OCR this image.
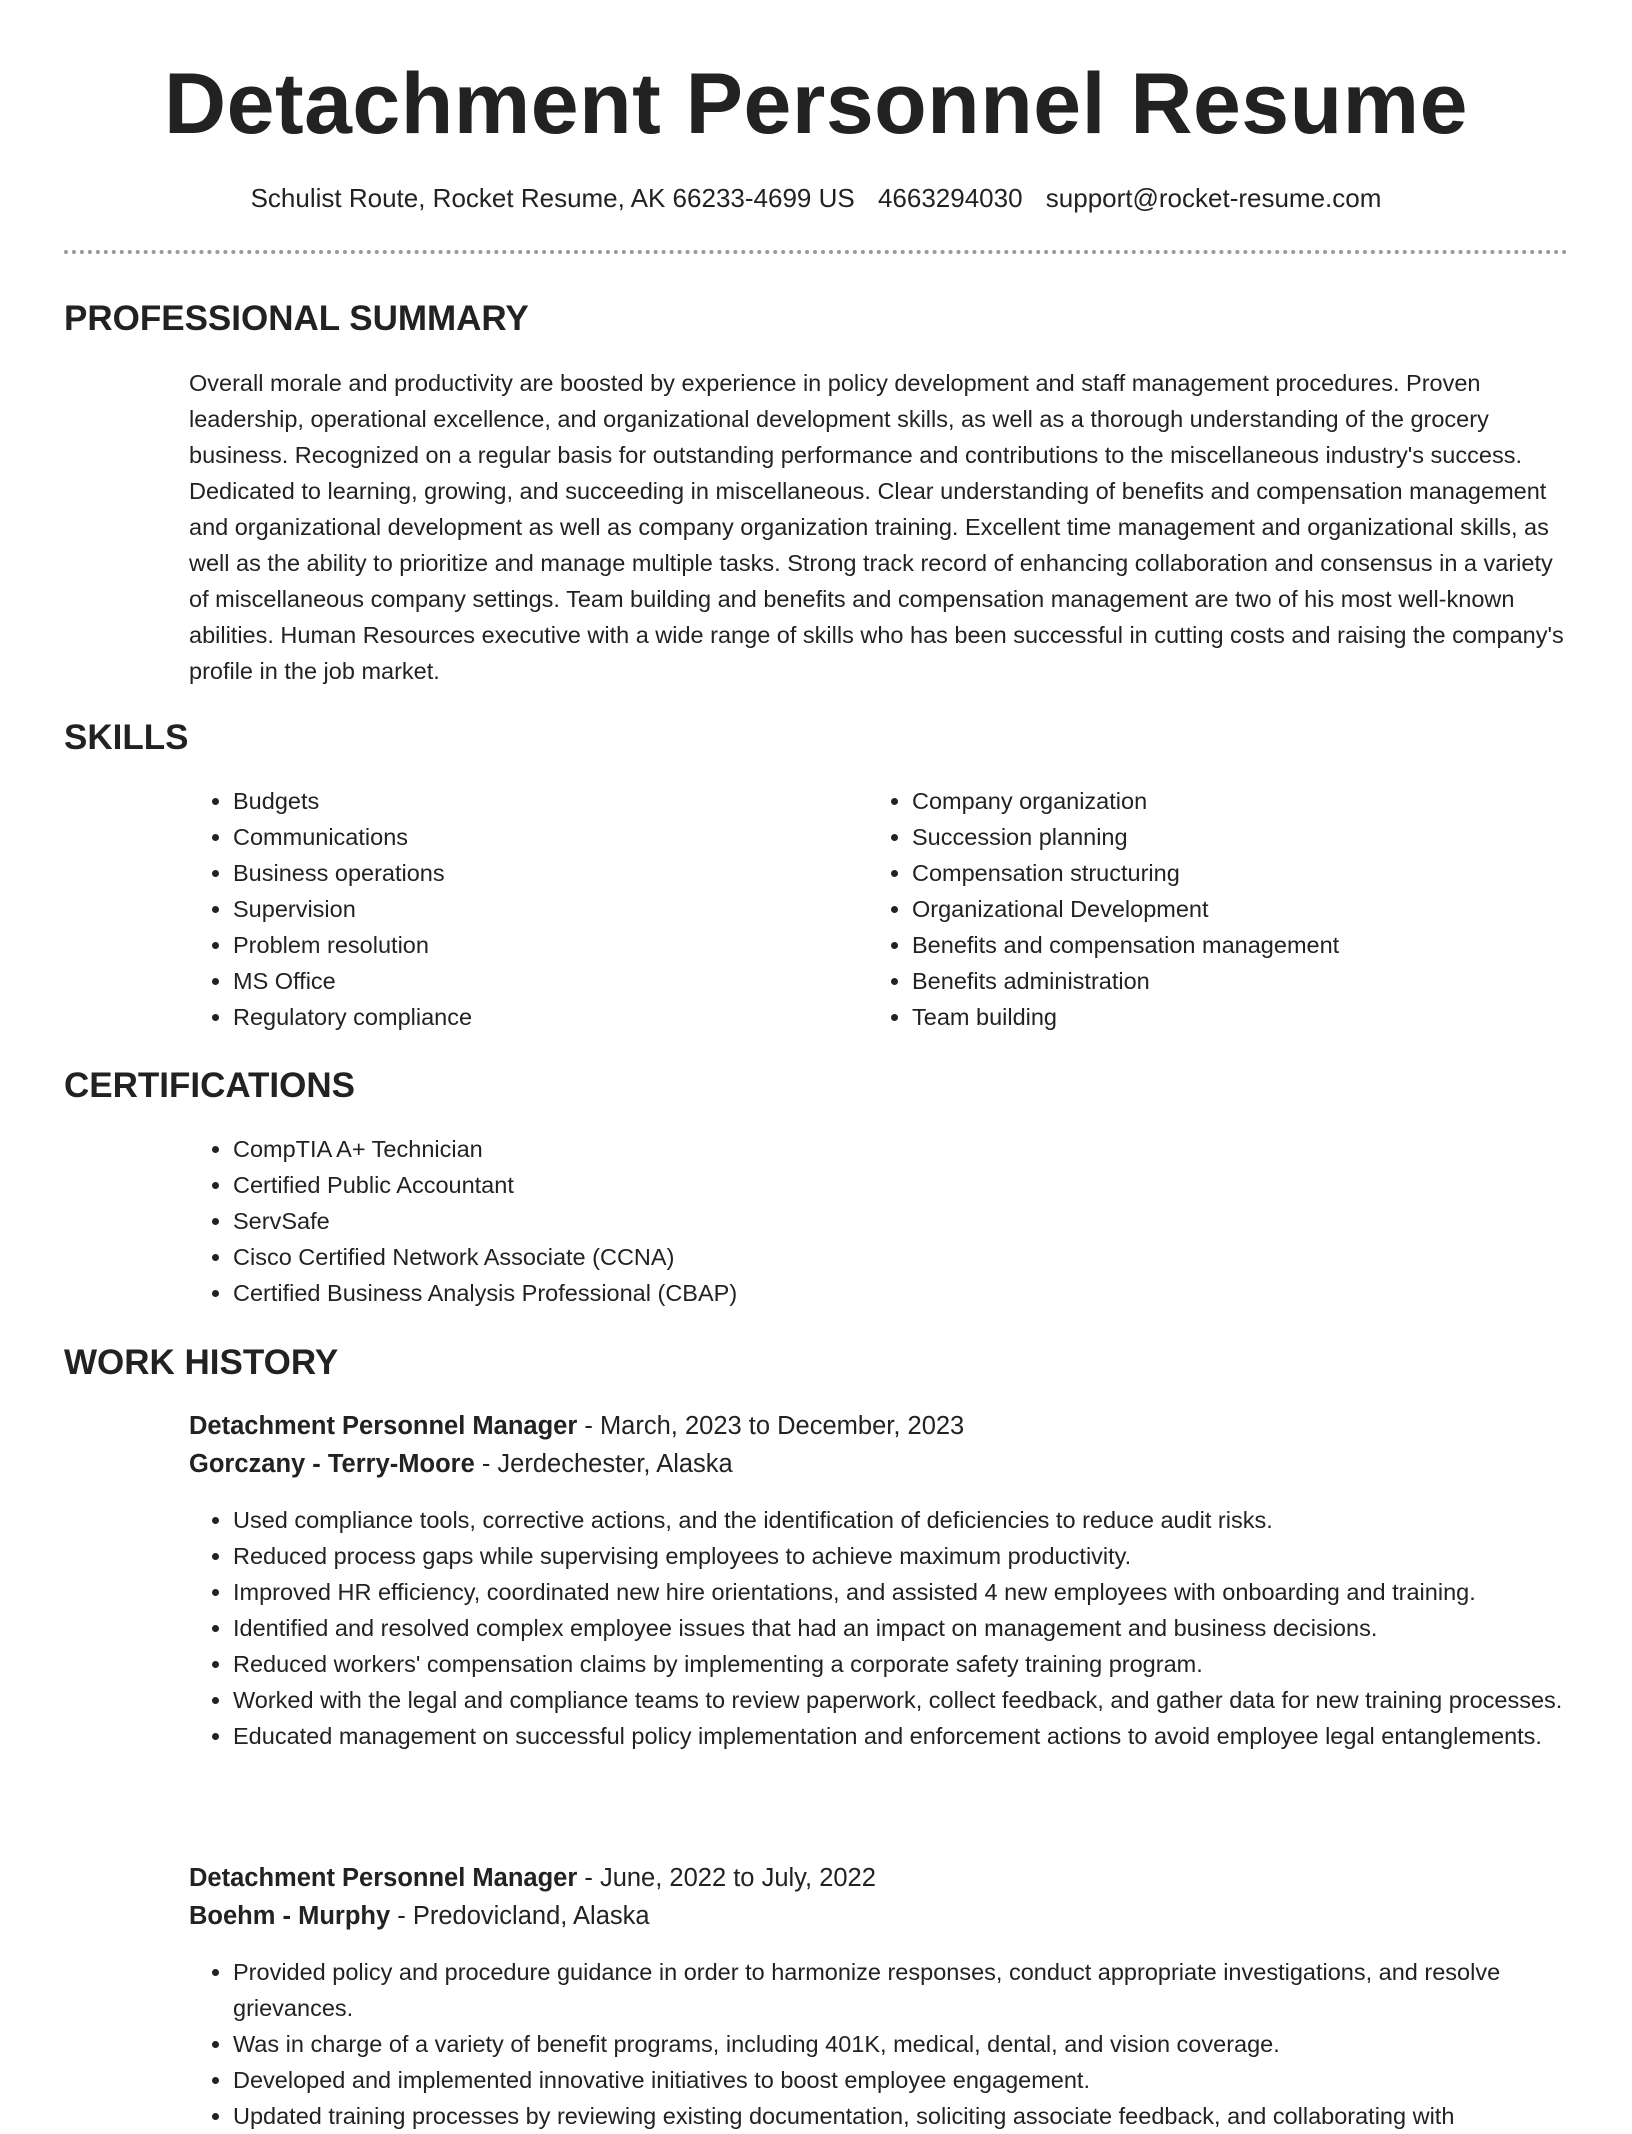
Detachment Personnel Resume
Schulist Route, Rocket Resume, AK 66233-4699 US 4663294030 support@rocket-resume.com
PROFESSIONAL SUMMARY

Overall morale and productivity are boosted by experience in policy development and staff management procedures. Proven leadership, operational excellence, and organizational development skills, as well as a thorough understanding of the grocery business. Recognized on a regular basis for outstanding performance and contributions to the miscellaneous industry's success. Dedicated to learning, growing, and succeeding in miscellaneous. Clear understanding of benefits and compensation management and organizational development as well as company organization training. Excellent time management and organizational skills, as well as the ability to prioritize and manage multiple tasks. Strong track record of enhancing collaboration and consensus in a variety of miscellaneous company settings. Team building and benefits and compensation management are two of his most well-known abilities. Human Resources executive with a wide range of skills who has been successful in cutting costs and raising the company's profile in the job market.

SKILLS
• Budgets
• Communications
• Business operations
• Supervision
• Problem resolution
• MS Office
• Regulatory compliance
• Company organization
• Succession planning
• Compensation structuring
• Organizational Development
• Benefits and compensation management
• Benefits administration
• Team building
CERTIFICATIONS
• CompTIA A+ Technician
• Certified Public Accountant
• ServSafe
• Cisco Certified Network Associate (CCNA)
• Certified Business Analysis Professional (CBAP)
WORK HISTORY
Detachment Personnel Manager - March, 2023 to December, 2023
Gorczany - Terry-Moore - Jerdechester, Alaska
• Used compliance tools, corrective actions, and the identification of deficiencies to reduce audit risks.
• Reduced process gaps while supervising employees to achieve maximum productivity.
• Improved HR efficiency, coordinated new hire orientations, and assisted 4 new employees with onboarding and training.
• Identified and resolved complex employee issues that had an impact on management and business decisions.
• Reduced workers' compensation claims by implementing a corporate safety training program.
• Worked with the legal and compliance teams to review paperwork, collect feedback, and gather data for new training processes.
• Educated management on successful policy implementation and enforcement actions to avoid employee legal entanglements.
Detachment Personnel Manager - June, 2022 to July, 2022
Boehm - Murphy - Predovicland, Alaska
• Provided policy and procedure guidance in order to harmonize responses, conduct appropriate investigations, and resolve grievances.
• Was in charge of a variety of benefit programs, including 401K, medical, dental, and vision coverage.
• Developed and implemented innovative initiatives to boost employee engagement.
• Updated training processes by reviewing existing documentation, soliciting associate feedback, and collaborating with
